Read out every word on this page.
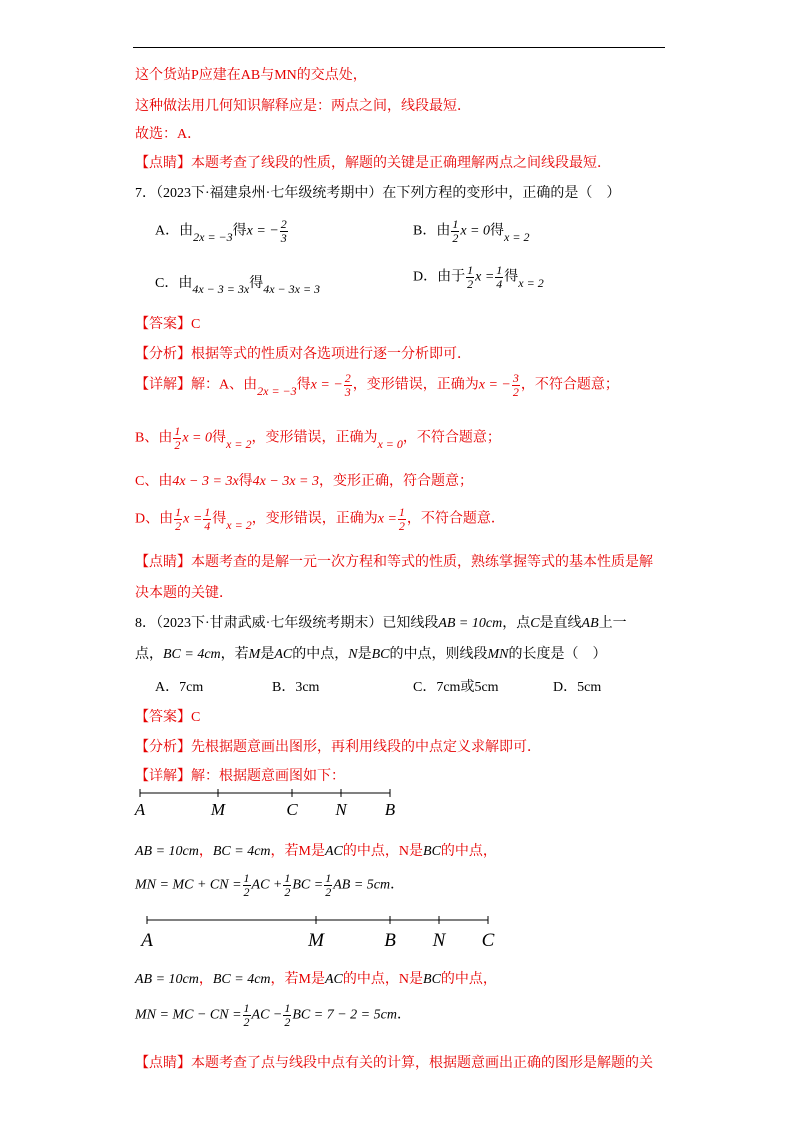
这个货站P应建在AB与MN的交点处，
这种做法用几何知识解释应是：两点之间，线段最短．
故选：A．
【点睛】本题考查了线段的性质，解题的关键是正确理解两点之间线段最短．
7．（2023下·福建泉州·七年级统考期中）在下列方程的变形中，正确的是（　）
A．由2x = −3得x = − $\frac{2}{3}$	B．由 $\frac{1}{2}$ x = 0得x = 2
C．由4x − 3 = 3x得4x − 3x = 3
D．由于 $\frac{1}{2}$ $x = \frac{1}{4}$ 得x = 2
【答案】C
【分析】根据等式的性质对各选项进行逐一分析即可．
【详解】解：A、由2x = −3得x = − $\frac{2}{3}$ ，变形错误，正确为x = − $\frac{3}{2}$ ，不符合题意；
B、由 $\frac{1}{2}$ x = 0得x = 2，变形错误，正确为x = 0，不符合题意；
C、由4x − 3 = 3x得4x − 3x = 3，变形正确，符合题意；
D、由 $\frac{1}{2}$ $x = \frac{1}{4}$ 得x = 2，变形错误，正确为$x = \frac{1}{2}$ ，不符合题意．
【点睛】本题考查的是解一元一次方程和等式的性质，熟练掌握等式的基本性质是解
决本题的关键．
8．（2023下·甘肃武威·七年级统考期末）已知线段AB = 10cm，点C是直线AB上一
点，BC = 4cm，若M是AC的中点，N是BC的中点，则线段MN的长度是（　）
A．7cm	B．3cm	C．7cm或5cm	D．5cm
【答案】C
【分析】先根据题意画出图形，再利用线段的中点定义求解即可．
【详解】解：根据题意画图如下：
A	M	C N B
AB = 10cm，BC = 4cm，若M是AC的中点，N是BC的中点，
MN = MC + CN = $\frac{1}{2}$ AC + $\frac{1}{2}$ BC = $\frac{1}{2}$ AB = 5cm．
A	M	B N C
AB = 10cm，BC = 4cm，若M是AC的中点，N是BC的中点，
MN = MC − CN = $\frac{1}{2}$ AC − $\frac{1}{2}$ BC = 7 − 2 = 5cm．
【点睛】本题考查了点与线段中点有关的计算，根据题意画出正确的图形是解题的关
